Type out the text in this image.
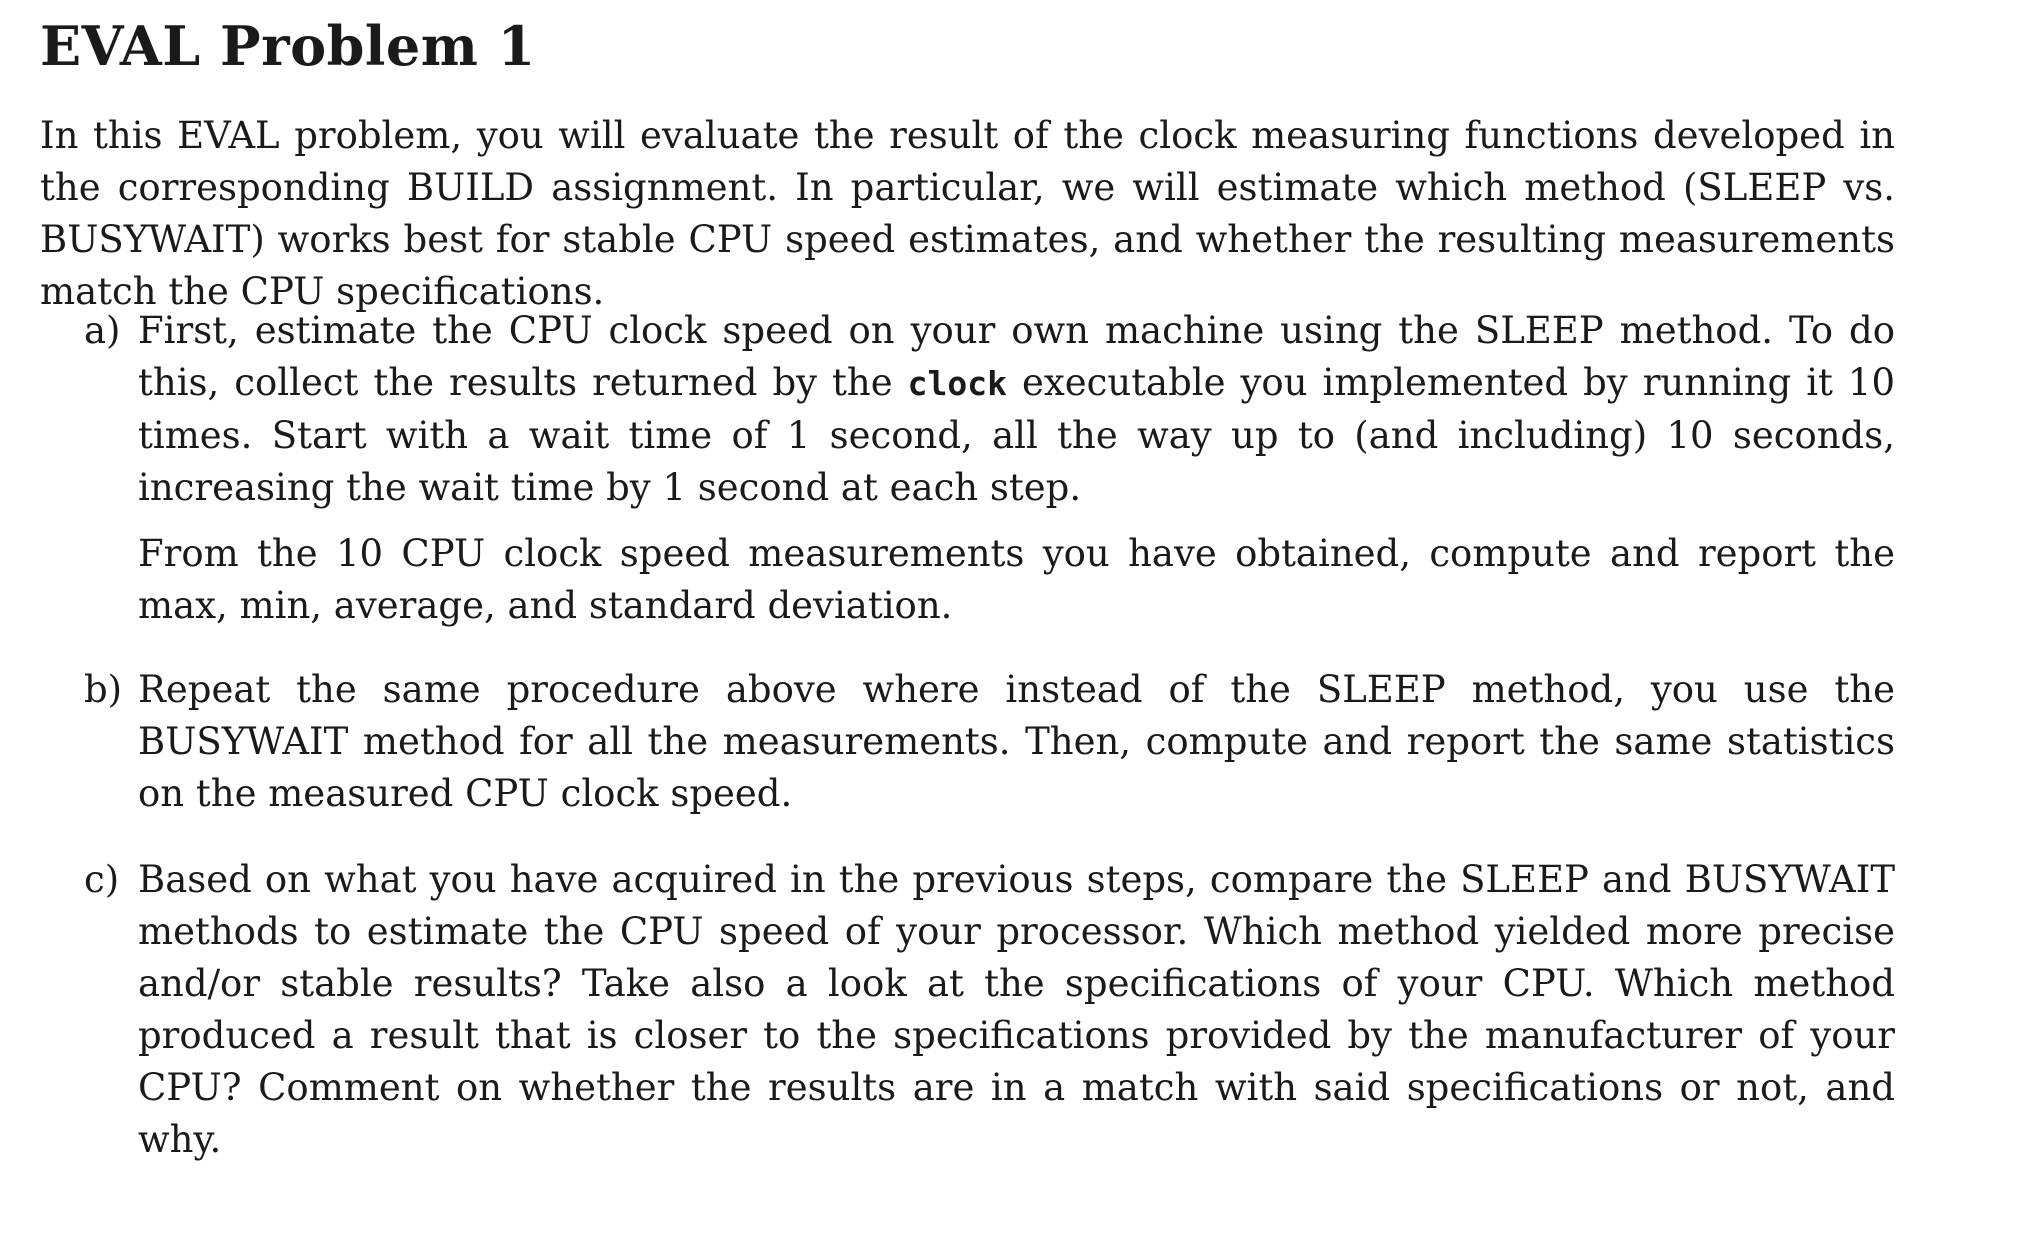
EVAL Problem 1

In this EVAL problem, you will evaluate the result of the clock measuring functions developed in the corresponding BUILD assignment. In particular, we will estimate which method (SLEEP vs. BUSYWAIT) works best for stable CPU speed estimates, and whether the resulting measurements match the CPU specifications.

a) First, estimate the CPU clock speed on your own machine using the SLEEP method. To do this, collect the results returned by the clock executable you implemented by running it 10 times. Start with a wait time of 1 second, all the way up to (and including) 10 seconds, increasing the wait time by 1 second at each step.

From the 10 CPU clock speed measurements you have obtained, compute and report the max, min, average, and standard deviation.

b) Repeat the same procedure above where instead of the SLEEP method, you use the BUSYWAIT method for all the measurements. Then, compute and report the same statistics on the measured CPU clock speed.

c) Based on what you have acquired in the previous steps, compare the SLEEP and BUSYWAIT methods to estimate the CPU speed of your processor. Which method yielded more precise and/or stable results? Take also a look at the specifications of your CPU. Which method produced a result that is closer to the specifications provided by the manufacturer of your CPU? Comment on whether the results are in a match with said specifications or not, and why.
